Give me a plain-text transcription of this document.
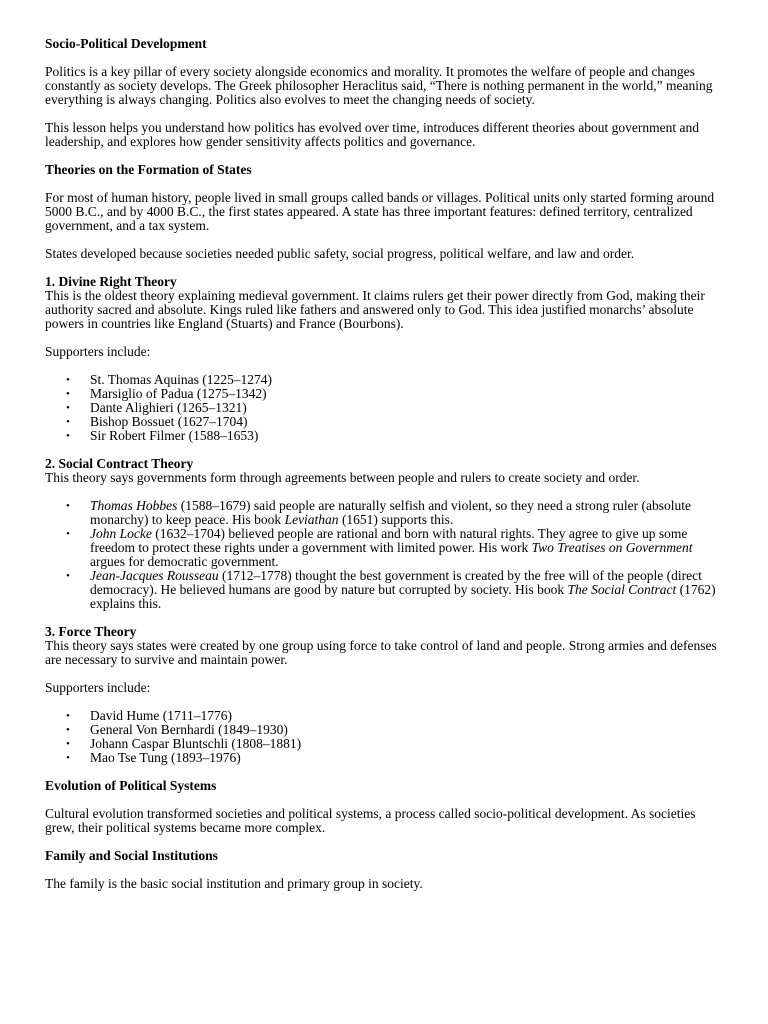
Socio-Political Development

Politics is a key pillar of every society alongside economics and morality. It promotes the welfare of people and changes constantly as society develops. The Greek philosopher Heraclitus said, “There is nothing permanent in the world,” meaning everything is always changing. Politics also evolves to meet the changing needs of society.

This lesson helps you understand how politics has evolved over time, introduces different theories about government and leadership, and explores how gender sensitivity affects politics and governance.

Theories on the Formation of States

For most of human history, people lived in small groups called bands or villages. Political units only started forming around 5000 B.C., and by 4000 B.C., the first states appeared. A state has three important features: defined territory, centralized government, and a tax system.

States developed because societies needed public safety, social progress, political welfare, and law and order.

1. Divine Right Theory

This is the oldest theory explaining medieval government. It claims rulers get their power directly from God, making their authority sacred and absolute. Kings ruled like fathers and answered only to God. This idea justified monarchs’ absolute powers in countries like England (Stuarts) and France (Bourbons).

Supporters include:

• St. Thomas Aquinas (1225–1274)
• Marsiglio of Padua (1275–1342)
• Dante Alighieri (1265–1321)
• Bishop Bossuet (1627–1704)
• Sir Robert Filmer (1588–1653)
2. Social Contract Theory

This theory says governments form through agreements between people and rulers to create society and order.

• Thomas Hobbes (1588–1679) said people are naturally selfish and violent, so they need a strong ruler (absolute monarchy) to keep peace. His book Leviathan (1651) supports this.
• John Locke (1632–1704) believed people are rational and born with natural rights. They agree to give up some freedom to protect these rights under a government with limited power. His work Two Treatises on Government argues for democratic government.
• Jean-Jacques Rousseau (1712–1778) thought the best government is created by the free will of the people (direct democracy). He believed humans are good by nature but corrupted by society. His book The Social Contract (1762) explains this.
3. Force Theory

This theory says states were created by one group using force to take control of land and people. Strong armies and defenses are necessary to survive and maintain power.

Supporters include:

• David Hume (1711–1776)
• General Von Bernhardi (1849–1930)
• Johann Caspar Bluntschli (1808–1881)
• Mao Tse Tung (1893–1976)
Evolution of Political Systems

Cultural evolution transformed societies and political systems, a process called socio-political development. As societies grew, their political systems became more complex.

Family and Social Institutions

The family is the basic social institution and primary group in society.
